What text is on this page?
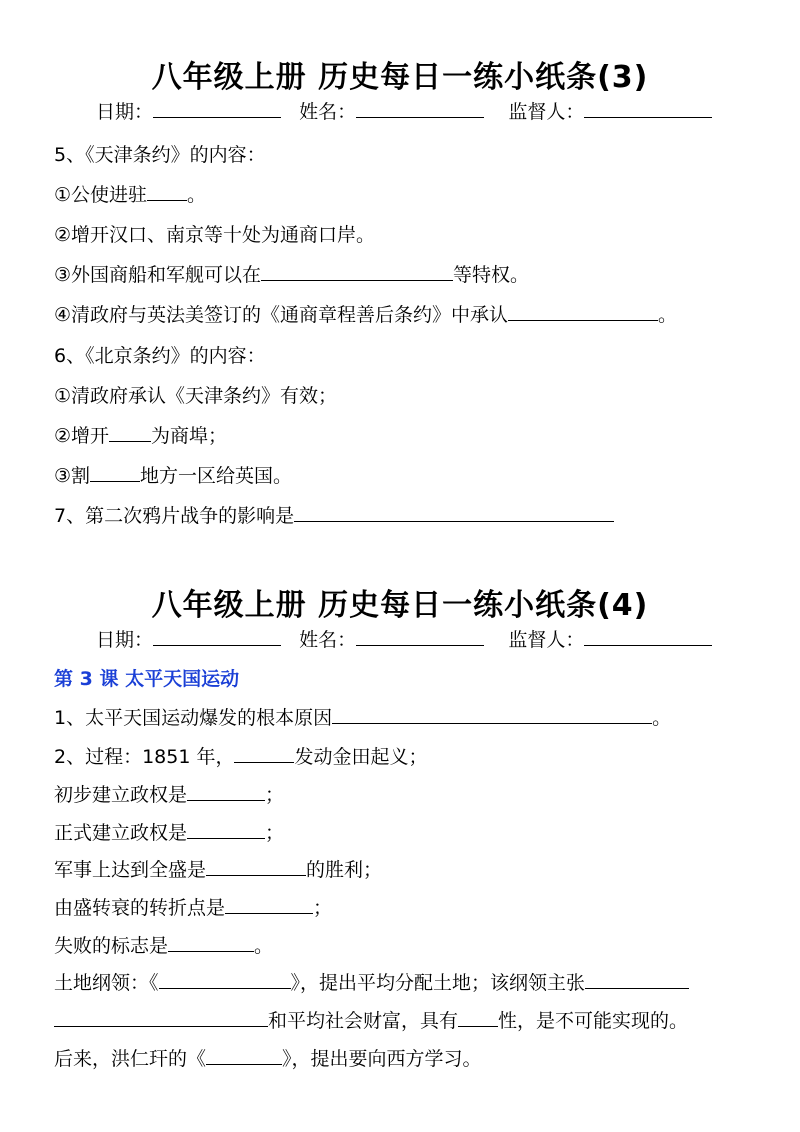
八年级上册 历史每日一练小纸条(3)
日期：	姓名：	监督人：
5、《天津条约》的内容：
①公使进驻 。
②增开汉口、南京等十处为通商口岸。
③外国商船和军舰可以在	等特权。
④清政府与英法美签订的《通商章程善后条约》中承认	。
6、《北京条约》的内容：
①清政府承认《天津条约》有效；
②增开 为商埠；
③割	地方一区给英国。
7、第二次鸦片战争的影响是
八年级上册 历史每日一练小纸条(4)
日期：	姓名：	监督人：
第 3 课 太平天国运动
1、太平天国运动爆发的根本原因	。
2、过程：1851 年，	发动金田起义；
初步建立政权是	；
正式建立政权是	；
军事上达到全盛是	的胜利；
由盛转衰的转折点是	；
失败的标志是	。
土地纲领：《	》，提出平均分配土地；该纲领主张
和平均社会财富，具有 性，是不可能实现的。
后来，洪仁玕的《	》，提出要向西方学习。
